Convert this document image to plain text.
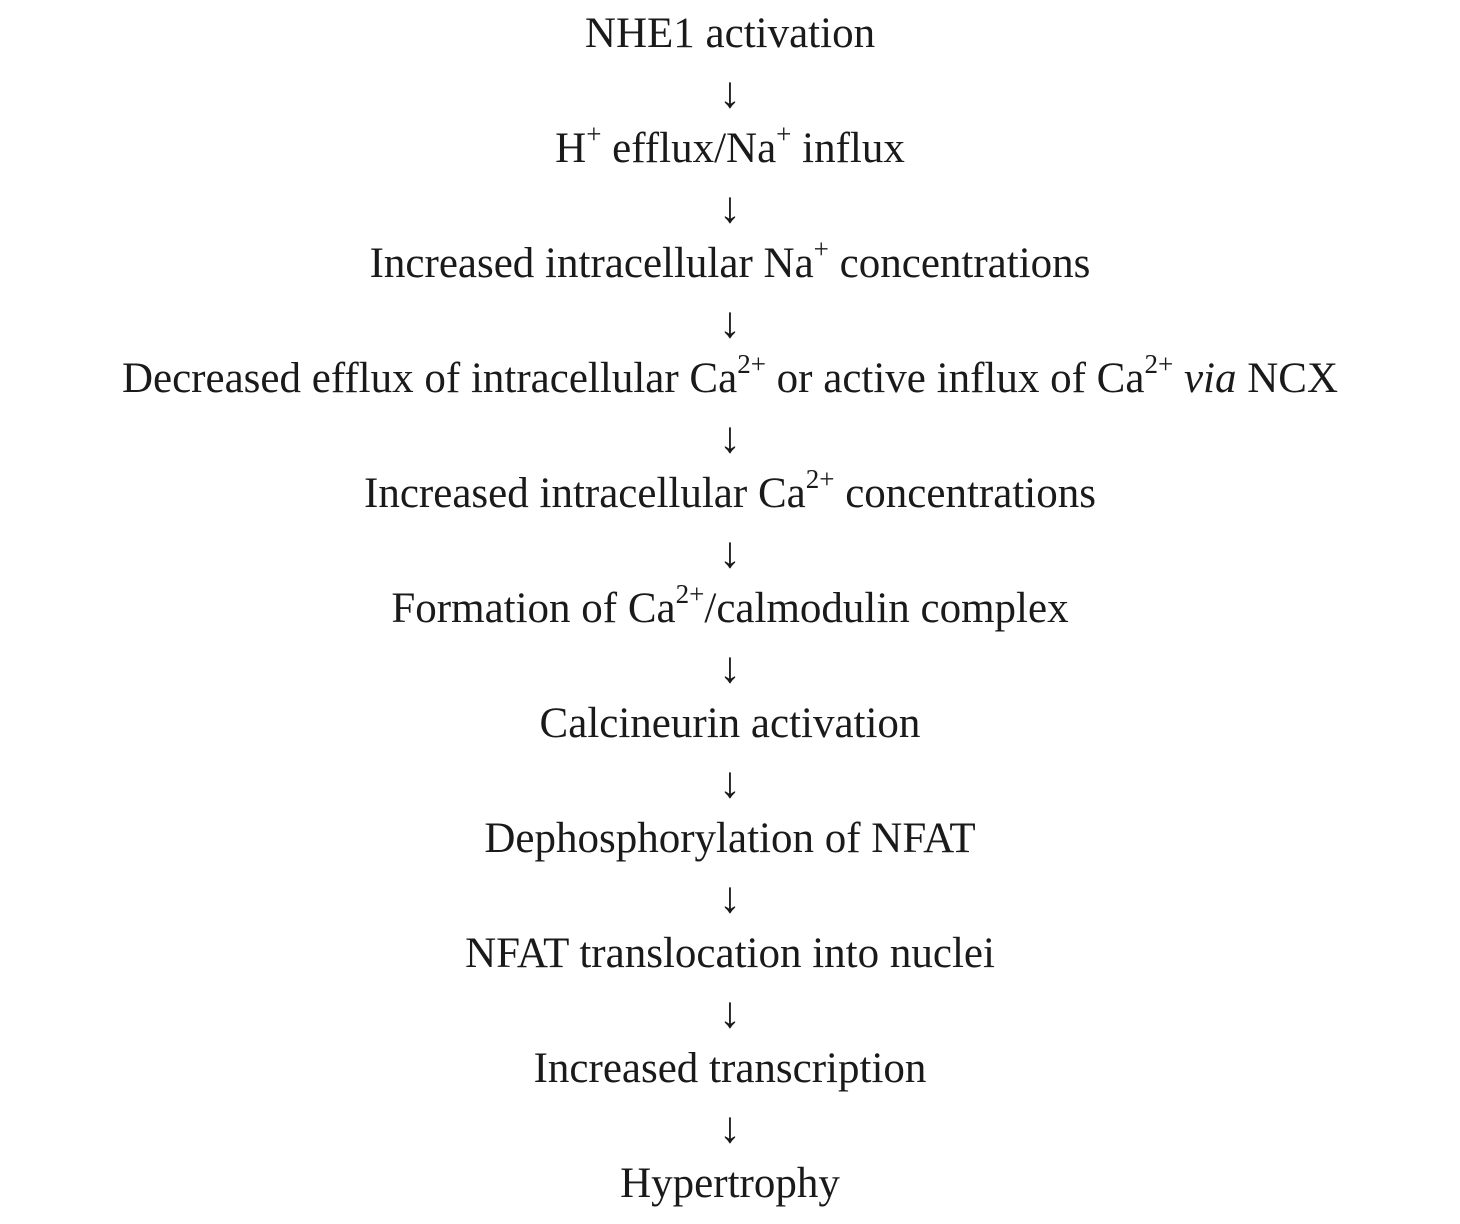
NHE1 activation
↓
H+ efflux/Na+ influx
↓
Increased intracellular Na+ concentrations
↓
Decreased efflux of intracellular $Ca^{2+}$ or active influx of $Ca^{2+}$ via NCX
↓
Increased intracellular $Ca^{2+}$ concentrations
↓
Formation of $Ca^{2+}$/calmodulin complex
↓
Calcineurin activation
↓
Dephosphorylation of NFAT
↓
NFAT translocation into nuclei
↓
Increased transcription
↓
Hypertrophy
